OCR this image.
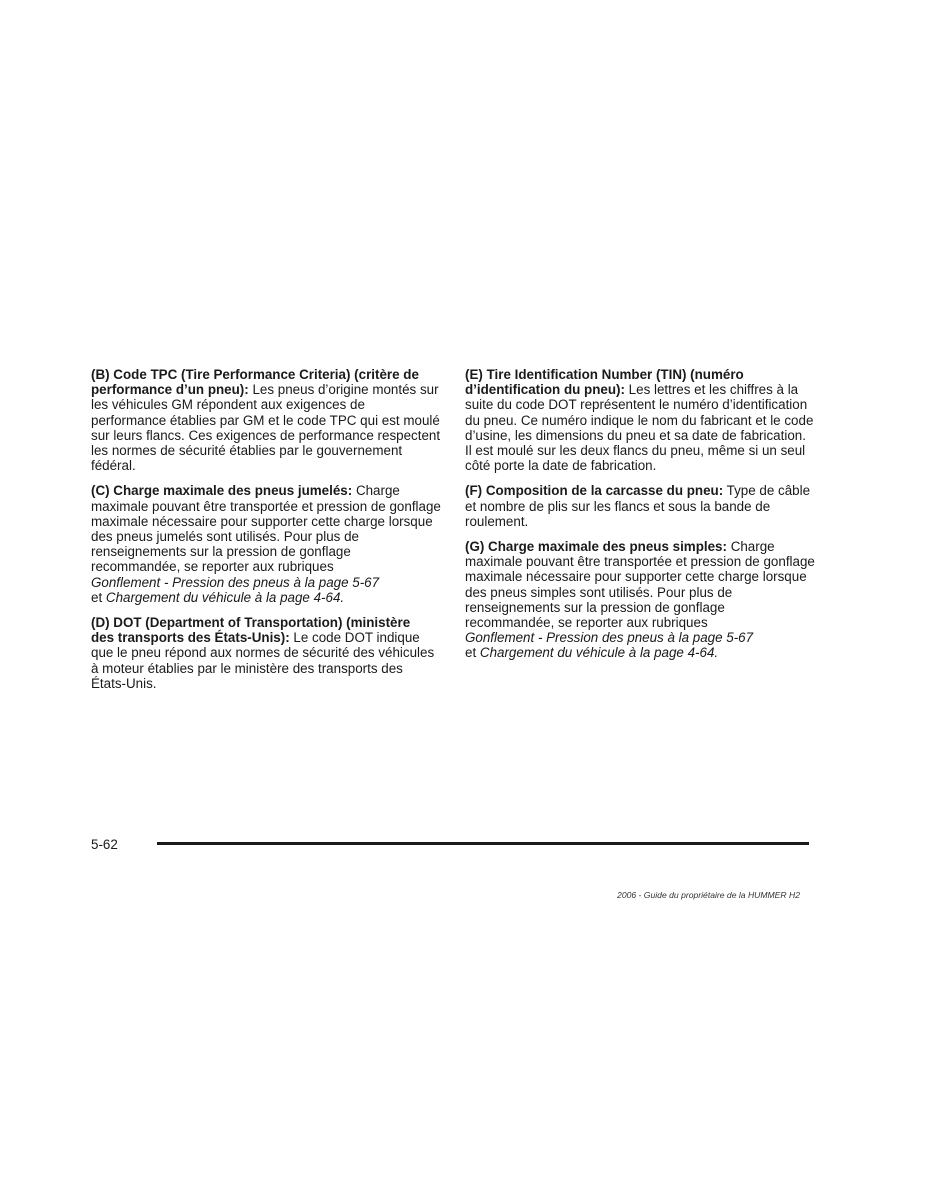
(B) Code TPC (Tire Performance Criteria) (critère de
performance d’un pneu): Les pneus d’origine montés sur les véhicules GM répondent aux exigences de performance établies par GM et le code TPC qui est moulé sur leurs flancs. Ces exigences de performance respectent les normes de sécurité établies par le gouvernement fédéral.

(C) Charge maximale des pneus jumelés: Charge maximale pouvant être transportée et pression de gonflage maximale nécessaire pour supporter cette charge lorsque des pneus jumelés sont utilisés. Pour plus de renseignements sur la pression de gonflage recommandée, se reporter aux rubriques
Gonflement - Pression des pneus à la page 5-67
et Chargement du véhicule à la page 4-64.

(D) DOT (Department of Transportation) (ministère
des transports des États-Unis): Le code DOT indique que le pneu répond aux normes de sécurité des véhicules à moteur établies par le ministère des transports des États-Unis.

(E) Tire Identification Number (TIN) (numéro
d’identification du pneu): Les lettres et les chiffres à la suite du code DOT représentent le numéro d’identification du pneu. Ce numéro indique le nom du fabricant et le code d’usine, les dimensions du pneu et sa date de fabrication. Il est moulé sur les deux flancs du pneu, même si un seul côté porte la date de fabrication.

(F) Composition de la carcasse du pneu: Type de câble et nombre de plis sur les flancs et sous la bande de roulement.

(G) Charge maximale des pneus simples: Charge maximale pouvant être transportée et pression de gonflage maximale nécessaire pour supporter cette charge lorsque des pneus simples sont utilisés. Pour plus de renseignements sur la pression de gonflage recommandée, se reporter aux rubriques
Gonflement - Pression des pneus à la page 5-67
et Chargement du véhicule à la page 4-64.

5-62
2006 - Guide du propriétaire de la HUMMER H2
